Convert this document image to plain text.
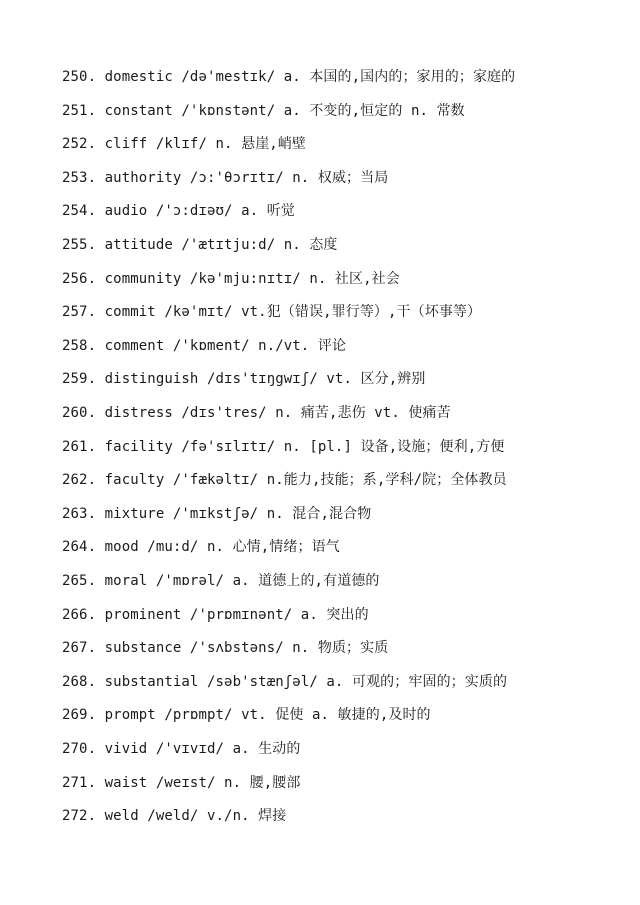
250. domestic /də'mestɪk/ a. 本国的,国内的；家用的；家庭的
251. constant /'kɒnstənt/ a. 不变的,恒定的 n. 常数
252. cliff /klɪf/ n. 悬崖,峭壁
253. authority /ɔ:'θɔrɪtɪ/ n. 权威；当局
254. audio /'ɔ:dɪəʊ/ a. 听觉
255. attitude /'ætɪtju:d/ n. 态度
256. community /kə'mju:nɪtɪ/ n. 社区,社会
257. commit /kə'mɪt/ vt.犯（错误,罪行等）,干（坏事等）
258. comment /'kɒment/ n./vt. 评论
259. distinguish /dɪs'tɪŋgwɪʃ/ vt. 区分,辨别
260. distress /dɪs'tres/ n. 痛苦,悲伤 vt. 使痛苦
261. facility /fə'sɪlɪtɪ/ n. [pl.] 设备,设施；便利,方便
262. faculty /'fækəltɪ/ n.能力,技能；系,学科/院；全体教员
263. mixture /'mɪkstʃə/ n. 混合,混合物
264. mood /mu:d/ n. 心情,情绪；语气
265. moral /'mɒrəl/ a. 道德上的,有道德的
266. prominent /'prɒmɪnənt/ a. 突出的
267. substance /'sʌbstəns/ n. 物质；实质
268. substantial /səb'stænʃəl/ a. 可观的；牢固的；实质的
269. prompt /prɒmpt/ vt. 促使 a. 敏捷的,及时的
270. vivid /'vɪvɪd/ a. 生动的
271. waist /weɪst/ n. 腰,腰部
272. weld /weld/ v./n. 焊接
